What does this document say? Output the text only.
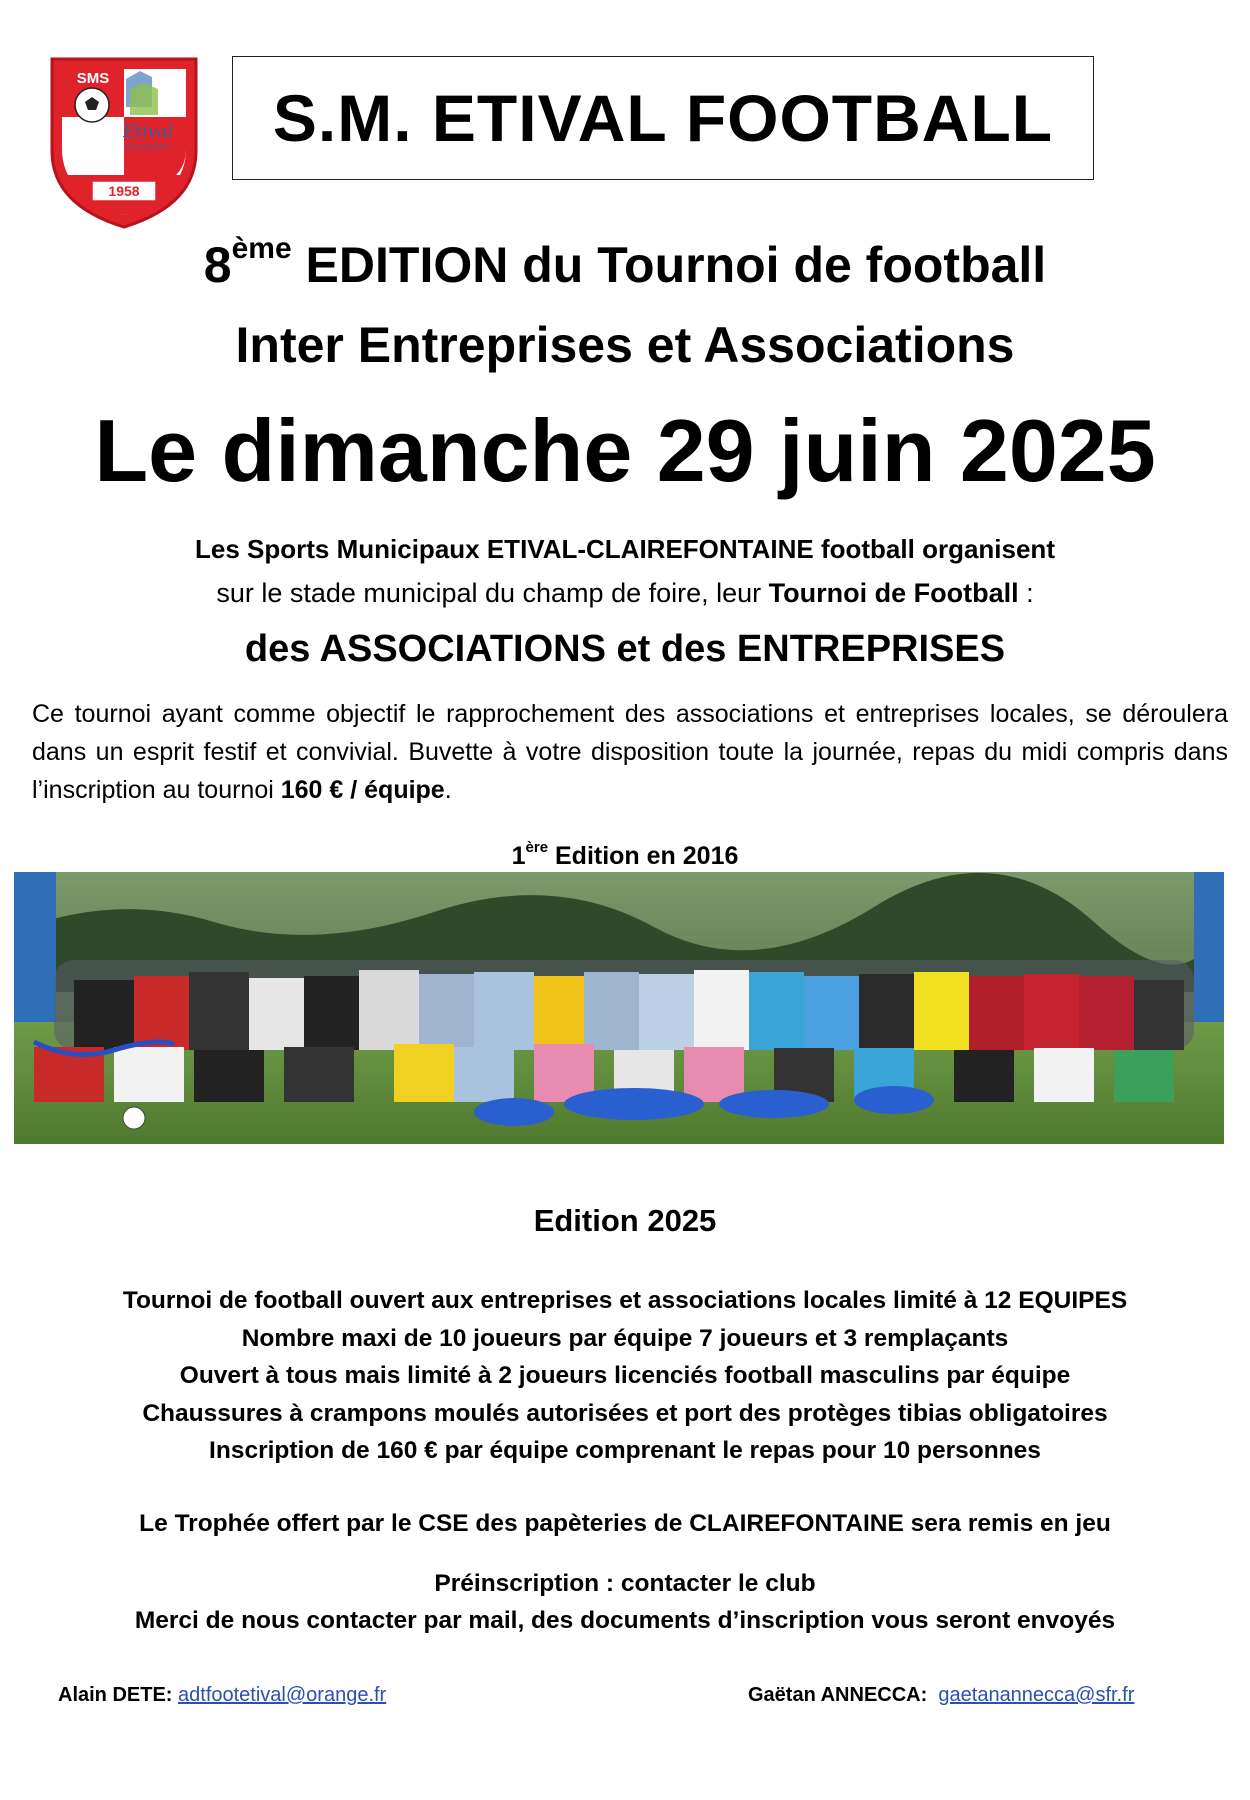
SMS
Etival
Clairefontaine
1958
S.M. ETIVAL FOOTBALL
8ème EDITION du Tournoi de football
Inter Entreprises et Associations
Le dimanche 29 juin 2025
Les Sports Municipaux ETIVAL-CLAIREFONTAINE football organisent
sur le stade municipal du champ de foire, leur Tournoi de Football :
des ASSOCIATIONS et des ENTREPRISES
Ce tournoi ayant comme objectif le rapprochement des associations et entreprises locales, se déroulera dans un esprit festif et convivial. Buvette à votre disposition toute la journée, repas du midi compris dans l’inscription au tournoi 160 € / équipe.
1ère Edition en 2016
Edition 2025
Tournoi de football ouvert aux entreprises et associations locales limité à 12 EQUIPES
Nombre maxi de 10 joueurs par équipe 7 joueurs et 3 remplaçants
Ouvert à tous mais limité à 2 joueurs licenciés football masculins par équipe
Chaussures à crampons moulés autorisées et port des protèges tibias obligatoires
Inscription de 160 € par équipe comprenant le repas pour 10 personnes
Le Trophée offert par le CSE des papèteries de CLAIREFONTAINE sera remis en jeu
Préinscription : contacter le club
Merci de nous contacter par mail, des documents d’inscription vous seront envoyés
Alain DETE: adtfootetival@orange.fr	Gaëtan ANNECCA:  gaetanannecca@sfr.fr
